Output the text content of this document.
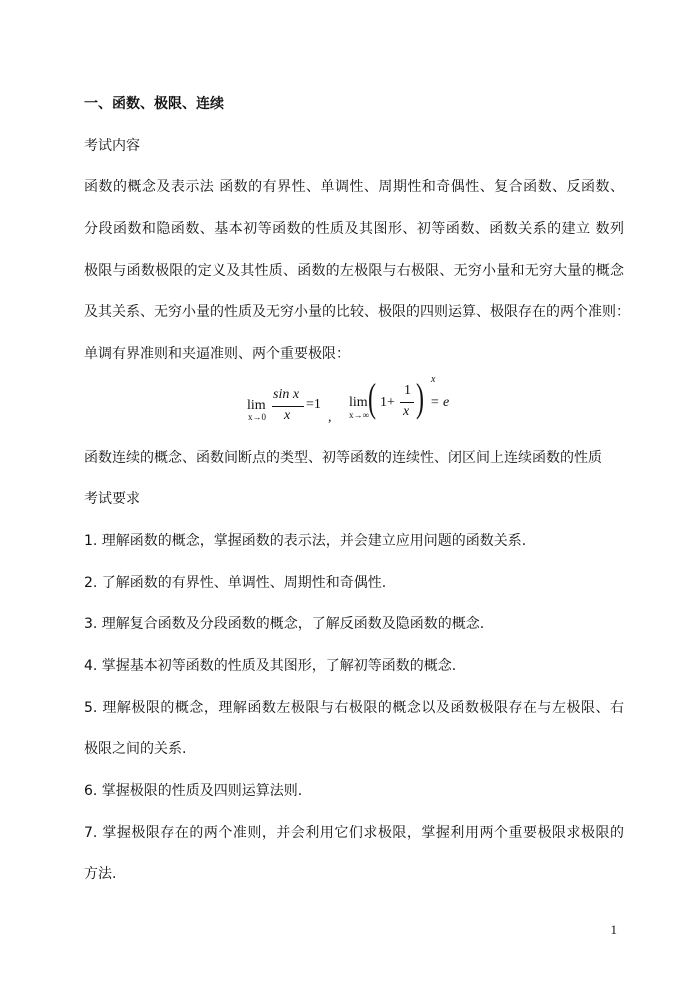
一、函数、极限、连续
考试内容
函数的概念及表示法 函数的有界性、单调性、周期性和奇偶性、复合函数、反函数、
分段函数和隐函数、基本初等函数的性质及其图形、初等函数、函数关系的建立 数列
极限与函数极限的定义及其性质、函数的左极限与右极限、无穷小量和无穷大量的概念
及其关系、无穷小量的性质及无穷小量的比较、极限的四则运算、极限存在的两个准则：
单调有界准则和夹逼准则、两个重要极限：
lim
x→0
sin x
x
=1
,
lim
x→∞ ( 1+
1
x ) x
= e
函数连续的概念、函数间断点的类型、初等函数的连续性、闭区间上连续函数的性质
考试要求
1. 理解函数的概念，掌握函数的表示法，并会建立应用问题的函数关系.
2. 了解函数的有界性、单调性、周期性和奇偶性.
3. 理解复合函数及分段函数的概念，了解反函数及隐函数的概念.
4. 掌握基本初等函数的性质及其图形，了解初等函数的概念.
5. 理解极限的概念，理解函数左极限与右极限的概念以及函数极限存在与左极限、右
极限之间的关系.
6. 掌握极限的性质及四则运算法则.
7. 掌握极限存在的两个准则，并会利用它们求极限，掌握利用两个重要极限求极限的
方法.
1
